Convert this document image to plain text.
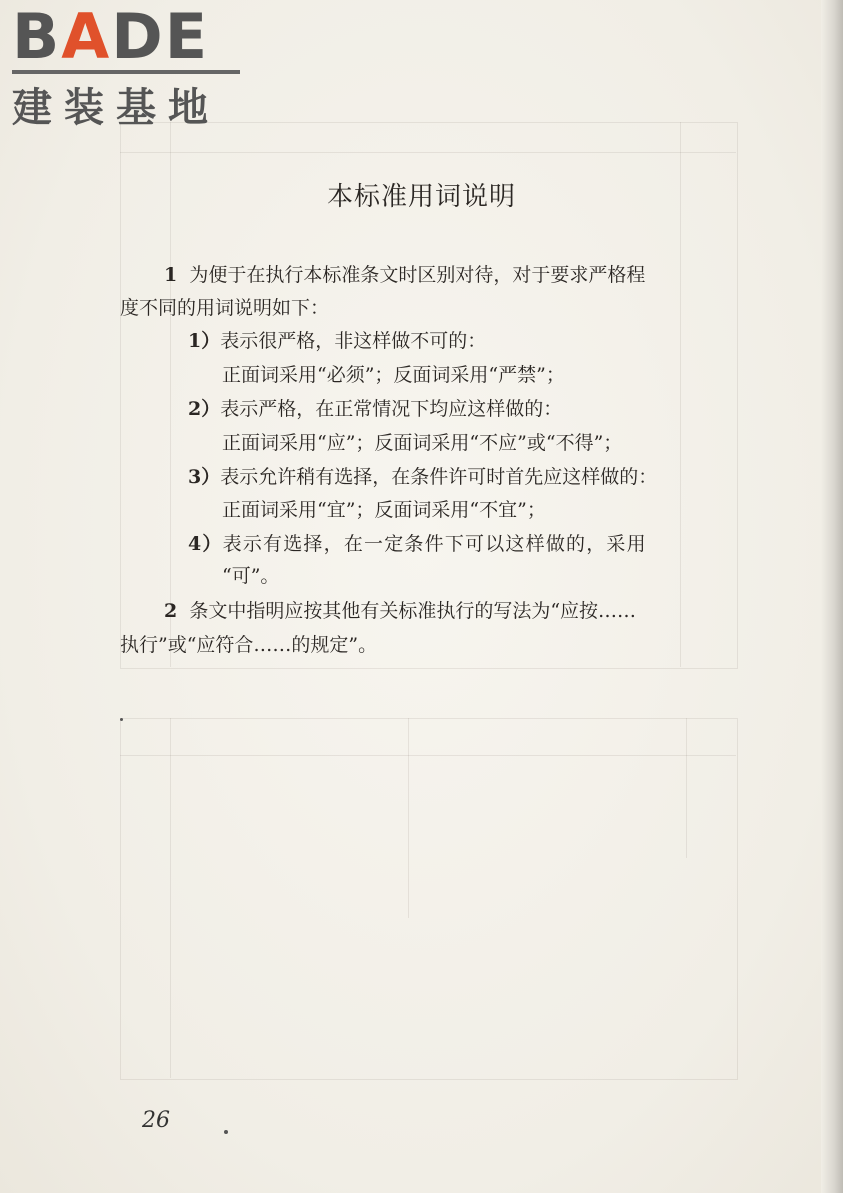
BADE
建装基地
本标准用词说明
1 为便于在执行本标准条文时区别对待，对于要求严格程
度不同的用词说明如下：
1）表示很严格，非这样做不可的：
正面词采用“必须”；反面词采用“严禁”；
2）表示严格，在正常情况下均应这样做的：
正面词采用“应”；反面词采用“不应”或“不得”；
3）表示允许稍有选择，在条件许可时首先应这样做的：
正面词采用“宜”；反面词采用“不宜”；
4）表示有选择，在一定条件下可以这样做的，采用
“可”。
2 条文中指明应按其他有关标准执行的写法为“应按……
执行”或“应符合……的规定”。
26
